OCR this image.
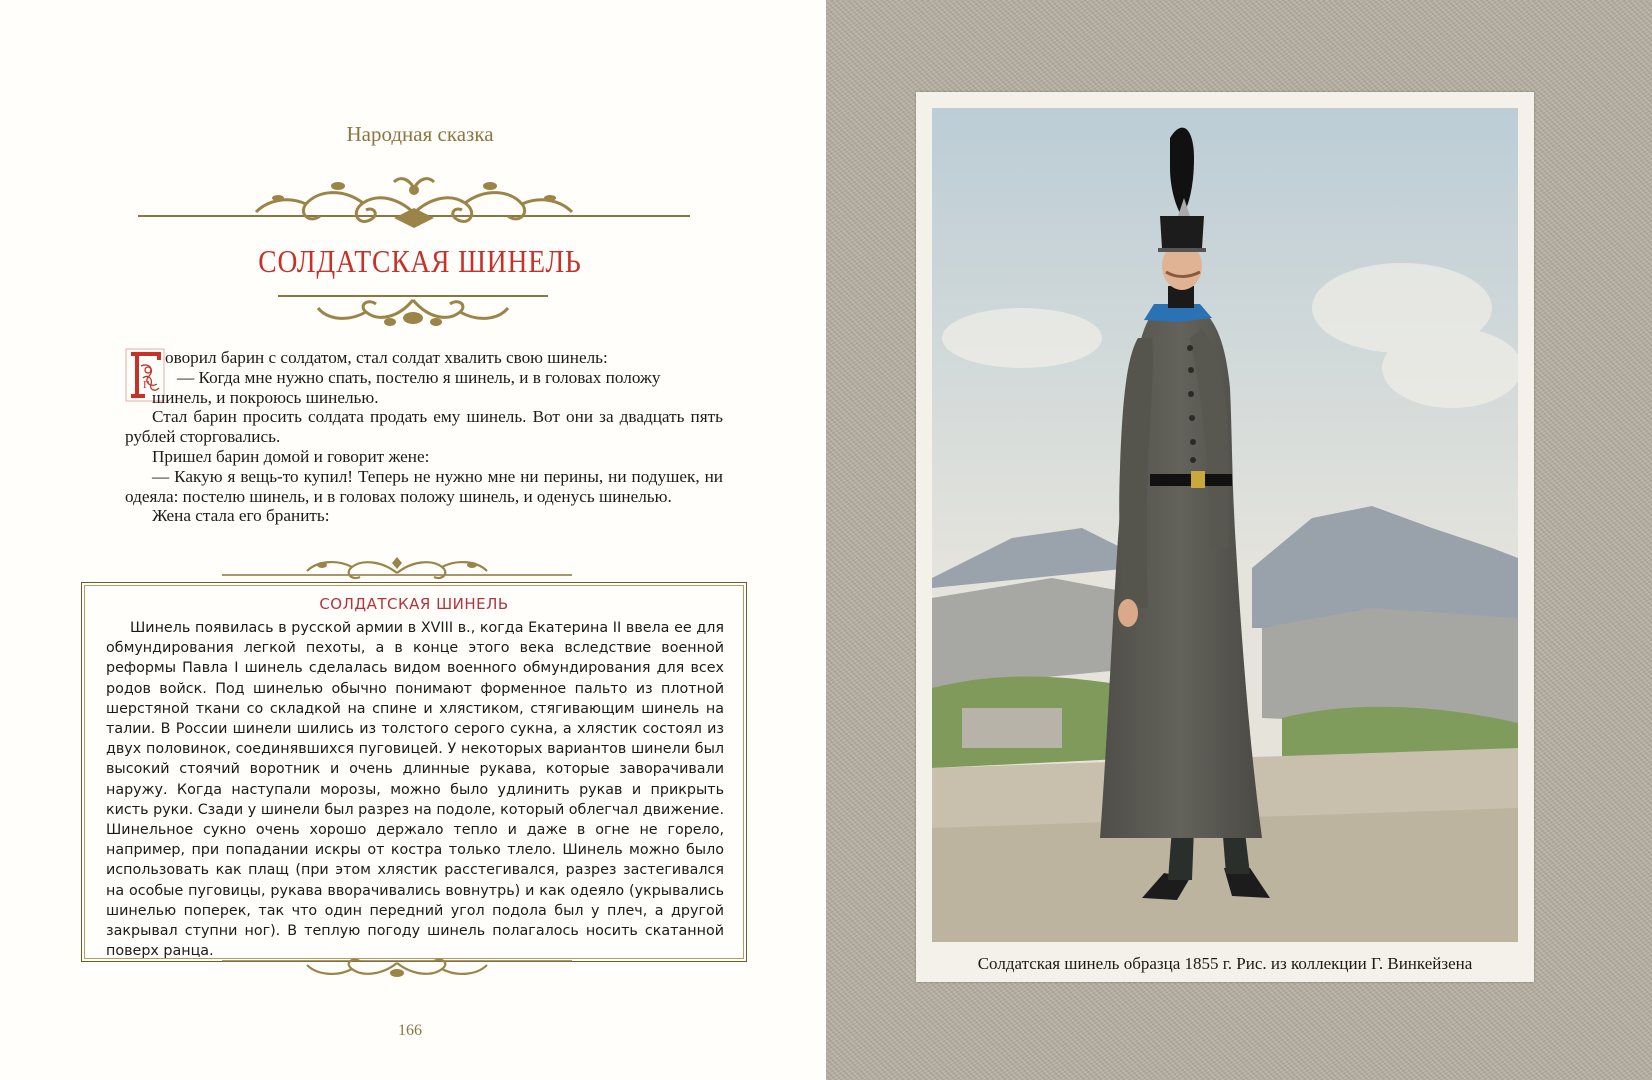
Народная сказка
СОЛДАТСКАЯ ШИНЕЛЬ
Г

оворил барин с солдатом, стал солдат хвалить свою шинель:

— Когда мне нужно спать, постелю я шинель, и в головах положу

шинель, и покроюсь шинелью.

Стал барин просить солдата продать ему шинель. Вот они за двадцать пять рублей сторговались.

Пришел барин домой и говорит жене:

— Какую я вещь-то купил! Теперь не нужно мне ни перины, ни подушек, ни одеяла: постелю шинель, и в головах положу шинель, и оденусь шинелью.

Жена стала его бранить:

СОЛДАТСКАЯ ШИНЕЛЬ

Шинель появилась в русской армии в XVIII в., когда Екатерина II ввела ее для обмундирования легкой пехоты, а в конце этого века вследствие военной реформы Павла I шинель сделалась видом военного обмундирования для всех родов войск. Под шинелью обычно понимают форменное пальто из плотной шерстяной ткани со складкой на спине и хлястиком, стягивающим шинель на талии. В России шинели шились из толстого серого сукна, а хлястик состоял из двух половинок, соединявшихся пуговицей. У некоторых вариантов шинели был высокий стоячий воротник и очень длинные рукава, которые заворачивали наружу. Когда наступали морозы, можно было удлинить рукав и прикрыть кисть руки. Сзади у шинели был разрез на подоле, который облегчал движение. Шинельное сукно очень хорошо держало тепло и даже в огне не горело, например, при попадании искры от костра только тлело. Шинель можно было использовать как плащ (при этом хлястик расстегивался, разрез застегивался на особые пуговицы, рукава вворачивались вовнутрь) и как одеяло (укрывались шинелью поперек, так что один передний угол подола был у плеч, а другой закрывал ступни ног). В теплую погоду шинель полагалось носить скатанной поверх ранца.

166
Солдатская шинель образца 1855 г. Рис. из коллекции Г. Винкейзена
